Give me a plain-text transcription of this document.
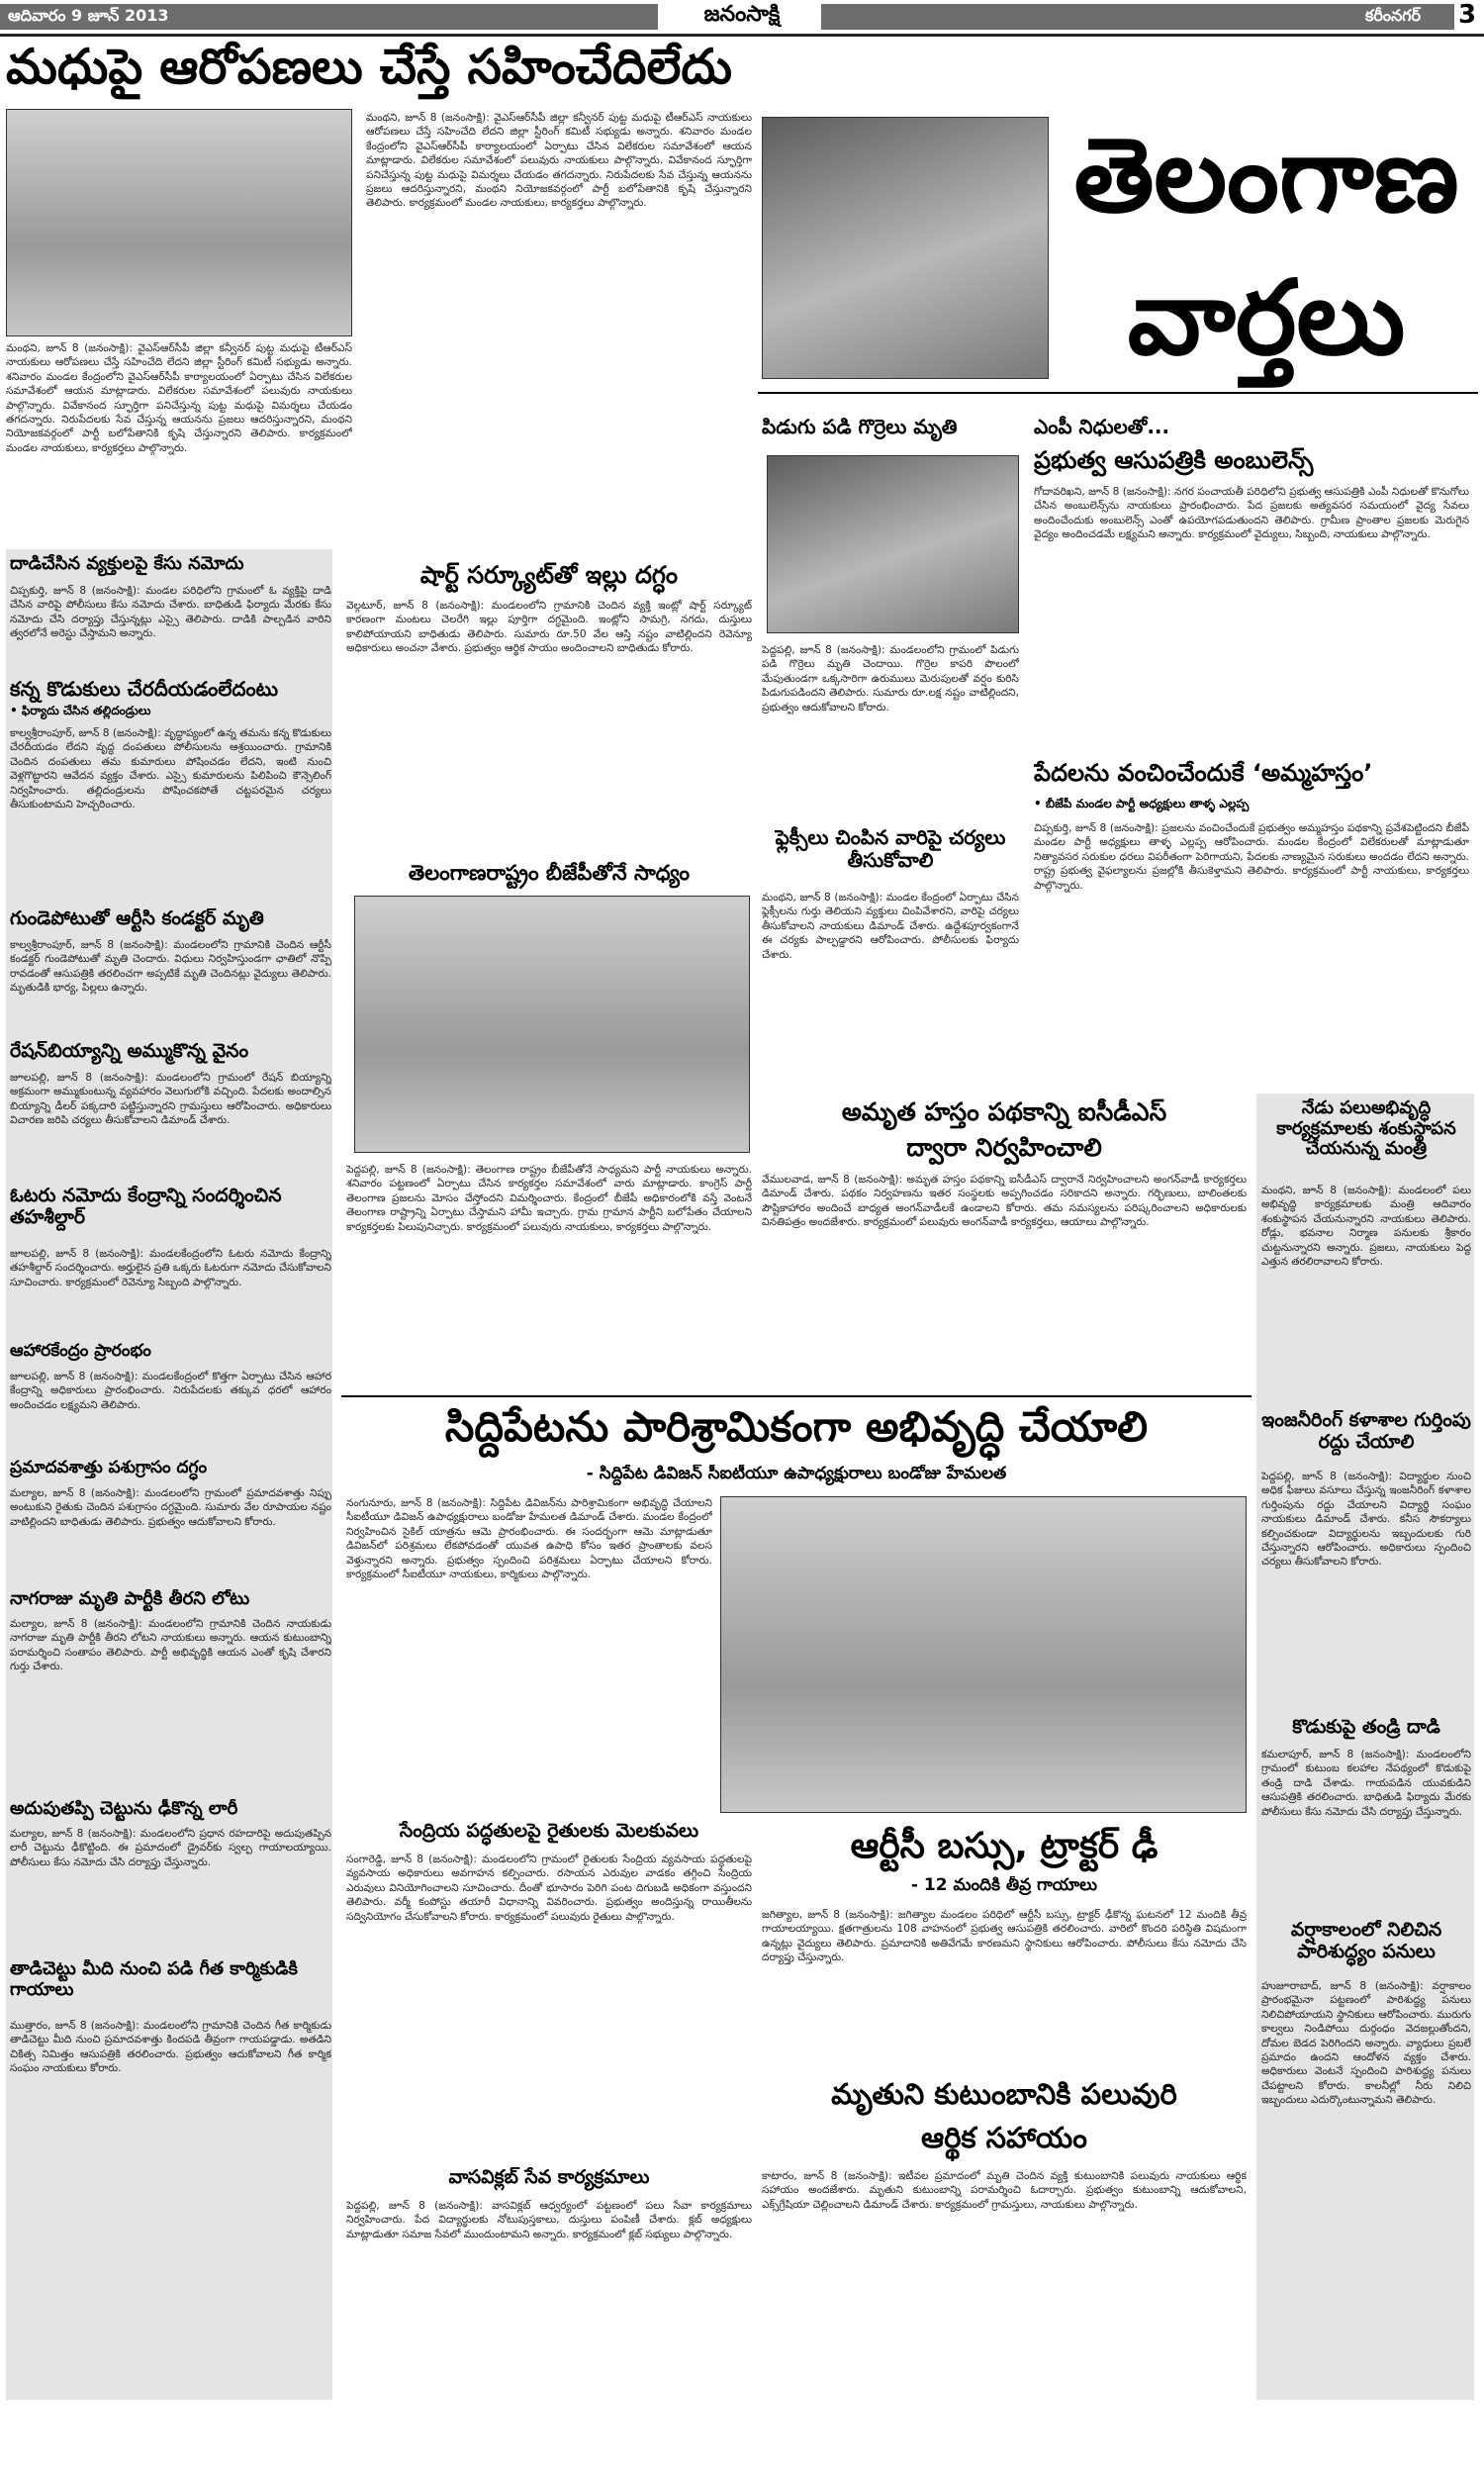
ఆదివారం 9 జూన్ 2013	జనంసాక్షి	కరీంనగర్ 3
మధుపై ఆరోపణలు చేస్తే సహించేదిలేదు
మంథని, జూన్ 8 (జనంసాక్షి): వైఎస్ఆర్‌సీపీ జిల్లా కన్వీనర్ పుట్ట మధుపై టీఆర్ఎస్ నాయకులు ఆరోపణలు చేస్తే సహించేది లేదని జిల్లా స్టీరింగ్ కమిటీ సభ్యుడు అన్నారు. శనివారం మండల కేంద్రంలోని వైఎస్ఆర్‌సీపీ కార్యాలయంలో ఏర్పాటు చేసిన విలేకరుల సమావేశంలో ఆయన మాట్లాడారు. విలేకరుల సమావేశంలో పలువురు నాయకులు పాల్గొన్నారు. వివేకానంద స్ఫూర్తిగా పనిచేస్తున్న పుట్ట మధుపై విమర్శలు చేయడం తగదన్నారు. నిరుపేదలకు సేవ చేస్తున్న ఆయనను ప్రజలు ఆదరిస్తున్నారని, మంథని నియోజకవర్గంలో పార్టీ బలోపేతానికి కృషి చేస్తున్నారని తెలిపారు. కార్యక్రమంలో మండల నాయకులు, కార్యకర్తలు పాల్గొన్నారు.
మంథని, జూన్ 8 (జనంసాక్షి): వైఎస్ఆర్‌సీపీ జిల్లా కన్వీనర్ పుట్ట మధుపై టీఆర్ఎస్ నాయకులు ఆరోపణలు చేస్తే సహించేది లేదని జిల్లా స్టీరింగ్ కమిటీ సభ్యుడు అన్నారు. శనివారం మండల కేంద్రంలోని వైఎస్ఆర్‌సీపీ కార్యాలయంలో ఏర్పాటు చేసిన విలేకరుల సమావేశంలో ఆయన మాట్లాడారు. విలేకరుల సమావేశంలో పలువురు నాయకులు పాల్గొన్నారు. వివేకానంద స్ఫూర్తిగా పనిచేస్తున్న పుట్ట మధుపై విమర్శలు చేయడం తగదన్నారు. నిరుపేదలకు సేవ చేస్తున్న ఆయనను ప్రజలు ఆదరిస్తున్నారని, మంథని నియోజకవర్గంలో పార్టీ బలోపేతానికి కృషి చేస్తున్నారని తెలిపారు. కార్యక్రమంలో మండల నాయకులు, కార్యకర్తలు పాల్గొన్నారు.
తెలంగాణ
వార్తలు
దాడిచేసిన వ్యక్తులపై కేసు నమోదు
చిప్పకుర్తి, జూన్ 8 (జనంసాక్షి): మండల పరిధిలోని గ్రామంలో ఓ వ్యక్తిపై దాడి చేసిన వారిపై పోలీసులు కేసు నమోదు చేశారు. బాధితుడి ఫిర్యాదు మేరకు కేసు నమోదు చేసి దర్యాప్తు చేస్తున్నట్లు ఎస్సై తెలిపారు. దాడికి పాల్పడిన వారిని త్వరలోనే అరెస్టు చేస్తామని అన్నారు.
కన్న కొడుకులు చేరదీయడంలేదంటు
• ఫిర్యాదు చేసిన తల్లిదండ్రులు
కాల్వశ్రీరాంపూర్, జూన్ 8 (జనంసాక్షి): వృద్ధాప్యంలో ఉన్న తమను కన్న కొడుకులు చేరదీయడం లేదని వృద్ధ దంపతులు పోలీసులను ఆశ్రయించారు. గ్రామానికి చెందిన దంపతులు తమ కుమారులు పోషించడం లేదని, ఇంటి నుంచి వెళ్లగొట్టారని ఆవేదన వ్యక్తం చేశారు. ఎస్సై కుమారులను పిలిపించి కౌన్సెలింగ్ నిర్వహించారు. తల్లిదండ్రులను పోషించకపోతే చట్టపరమైన చర్యలు తీసుకుంటామని హెచ్చరించారు.
గుండెపోటుతో ఆర్టీసి కండక్టర్ మృతి
కాల్వశ్రీరాంపూర్, జూన్ 8 (జనంసాక్షి): మండలంలోని గ్రామానికి చెందిన ఆర్టీసీ కండక్టర్ గుండెపోటుతో మృతి చెందారు. విధులు నిర్వహిస్తుండగా ఛాతిలో నొప్పి రావడంతో ఆసుపత్రికి తరలించగా అప్పటికే మృతి చెందినట్లు వైద్యులు తెలిపారు. మృతుడికి భార్య, పిల్లలు ఉన్నారు.
రేషన్‌బియ్యాన్ని అమ్ముకొన్న వైనం
జూలపల్లి, జూన్ 8 (జనంసాక్షి): మండలంలోని గ్రామంలో రేషన్ బియ్యాన్ని అక్రమంగా అమ్ముకుంటున్న వ్యవహారం వెలుగులోకి వచ్చింది. పేదలకు అందాల్సిన బియ్యాన్ని డీలర్ పక్కదారి పట్టిస్తున్నారని గ్రామస్తులు ఆరోపించారు. అధికారులు విచారణ జరిపి చర్యలు తీసుకోవాలని డిమాండ్ చేశారు.
ఓటరు నమోదు కేంద్రాన్ని సందర్శించిన తహశీల్దార్
జూలపల్లి, జూన్ 8 (జనంసాక్షి): మండలకేంద్రంలోని ఓటరు నమోదు కేంద్రాన్ని తహశీల్దార్ సందర్శించారు. అర్హులైన ప్రతి ఒక్కరు ఓటరుగా నమోదు చేసుకోవాలని సూచించారు. కార్యక్రమంలో రెవెన్యూ సిబ్బంది పాల్గొన్నారు.
ఆహారకేంద్రం ప్రారంభం
జూలపల్లి, జూన్ 8 (జనంసాక్షి): మండలకేంద్రంలో కొత్తగా ఏర్పాటు చేసిన ఆహార కేంద్రాన్ని అధికారులు ప్రారంభించారు. నిరుపేదలకు తక్కువ ధరలో ఆహారం అందించడం లక్ష్యమని తెలిపారు.
ప్రమాదవశాత్తు పశుగ్రాసం దగ్ధం
మల్యాల, జూన్ 8 (జనంసాక్షి): మండలంలోని గ్రామంలో ప్రమాదవశాత్తు నిప్పు అంటుకుని రైతుకు చెందిన పశుగ్రాసం దగ్ధమైంది. సుమారు వేల రూపాయల నష్టం వాటిల్లిందని బాధితుడు తెలిపారు. ప్రభుత్వం ఆదుకోవాలని కోరారు.
నాగరాజు మృతి పార్టీకి తీరని లోటు
మల్యాల, జూన్ 8 (జనంసాక్షి): మండలంలోని గ్రామానికి చెందిన నాయకుడు నాగరాజు మృతి పార్టీకి తీరని లోటని నాయకులు అన్నారు. ఆయన కుటుంబాన్ని పరామర్శించి సంతాపం తెలిపారు. పార్టీ అభివృద్ధికి ఆయన ఎంతో కృషి చేశారని గుర్తు చేశారు.
అదుపుతప్పి చెట్టును ఢీకొన్న లారీ
మల్యాల, జూన్ 8 (జనంసాక్షి): మండలంలోని ప్రధాన రహదారిపై అదుపుతప్పిన లారీ చెట్టును ఢీకొట్టింది. ఈ ప్రమాదంలో డ్రైవర్‌కు స్వల్ప గాయాలయ్యాయి. పోలీసులు కేసు నమోదు చేసి దర్యాప్తు చేస్తున్నారు.
తాడిచెట్టు మీది నుంచి పడి గీత కార్మికుడికి గాయాలు
ముత్తారం, జూన్ 8 (జనంసాక్షి): మండలంలోని గ్రామానికి చెందిన గీత కార్మికుడు తాడిచెట్టు మీది నుంచి ప్రమాదవశాత్తు కిందపడి తీవ్రంగా గాయపడ్డాడు. అతడిని చికిత్స నిమిత్తం ఆసుపత్రికి తరలించారు. ప్రభుత్వం ఆదుకోవాలని గీత కార్మిక సంఘం నాయకులు కోరారు.
షార్ట్ సర్క్యూట్‌తో ఇల్లు దగ్ధం
వెల్గటూర్, జూన్ 8 (జనంసాక్షి): మండలంలోని గ్రామానికి చెందిన వ్యక్తి ఇంట్లో షార్ట్ సర్క్యూట్ కారణంగా మంటలు చెలరేగి ఇల్లు పూర్తిగా దగ్ధమైంది. ఇంట్లోని సామగ్రి, నగదు, దుస్తులు కాలిపోయాయని బాధితుడు తెలిపారు. సుమారు రూ.50 వేల ఆస్తి నష్టం వాటిల్లిందని రెవెన్యూ అధికారులు అంచనా వేశారు. ప్రభుత్వం ఆర్థిక సాయం అందించాలని బాధితుడు కోరారు.
తెలంగాణరాష్ట్రం బీజేపీతోనే సాధ్యం
పెద్దపల్లి, జూన్ 8 (జనంసాక్షి): తెలంగాణ రాష్ట్రం బీజేపీతోనే సాధ్యమని పార్టీ నాయకులు అన్నారు. శనివారం పట్టణంలో ఏర్పాటు చేసిన కార్యకర్తల సమావేశంలో వారు మాట్లాడారు. కాంగ్రెస్ పార్టీ తెలంగాణ ప్రజలను మోసం చేస్తోందని విమర్శించారు. కేంద్రంలో బీజేపీ అధికారంలోకి వస్తే వెంటనే తెలంగాణ రాష్ట్రాన్ని ఏర్పాటు చేస్తామని హామీ ఇచ్చారు. గ్రామ గ్రామాన పార్టీని బలోపేతం చేయాలని కార్యకర్తలకు పిలుపునిచ్చారు. కార్యక్రమంలో పలువురు నాయకులు, కార్యకర్తలు పాల్గొన్నారు.
పిడుగు పడి గొర్రెలు మృతి
పెద్దపల్లి, జూన్ 8 (జనంసాక్షి): మండలంలోని గ్రామంలో పిడుగు పడి గొర్రెలు మృతి చెందాయి. గొర్రెల కాపరి పొలంలో మేపుతుండగా ఒక్కసారిగా ఉరుములు మెరుపులతో వర్షం కురిసి పిడుగుపడిందని తెలిపారు. సుమారు రూ.లక్ష నష్టం వాటిల్లిందని, ప్రభుత్వం ఆదుకోవాలని కోరారు.
ఫ్లెక్సీలు చింపిన వారిపై చర్యలు తీసుకోవాలి
మంథని, జూన్ 8 (జనంసాక్షి): మండల కేంద్రంలో ఏర్పాటు చేసిన ఫ్లెక్సీలను గుర్తు తెలియని వ్యక్తులు చింపివేశారని, వారిపై చర్యలు తీసుకోవాలని నాయకులు డిమాండ్ చేశారు. ఉద్దేశపూర్వకంగానే ఈ చర్యకు పాల్పడ్డారని ఆరోపించారు. పోలీసులకు ఫిర్యాదు చేశారు.
ఎంపీ నిధులతో...
ప్రభుత్వ ఆసుపత్రికి అంబులెన్స్
గోదావరిఖని, జూన్ 8 (జనంసాక్షి): నగర పంచాయతీ పరిధిలోని ప్రభుత్వ ఆసుపత్రికి ఎంపీ నిధులతో కొనుగోలు చేసిన అంబులెన్స్‌ను నాయకులు ప్రారంభించారు. పేద ప్రజలకు అత్యవసర సమయంలో వైద్య సేవలు అందించేందుకు అంబులెన్స్ ఎంతో ఉపయోగపడుతుందని తెలిపారు. గ్రామీణ ప్రాంతాల ప్రజలకు మెరుగైన వైద్యం అందించడమే లక్ష్యమని అన్నారు. కార్యక్రమంలో వైద్యులు, సిబ్బంది, నాయకులు పాల్గొన్నారు.
పేదలను వంచించేందుకే ‘అమ్మహస్తం’
• బీజేపీ మండల పార్టీ అధ్యక్షులు తాళ్ళ ఎల్లప్ప
చిప్పకుర్తి, జూన్ 8 (జనంసాక్షి): ప్రజలను వంచించేందుకే ప్రభుత్వం అమ్మహస్తం పథకాన్ని ప్రవేశపెట్టిందని బీజేపీ మండల పార్టీ అధ్యక్షులు తాళ్ళ ఎల్లప్ప ఆరోపించారు. మండల కేంద్రంలో విలేకరులతో మాట్లాడుతూ నిత్యావసర సరుకుల ధరలు విపరీతంగా పెరిగాయని, పేదలకు నాణ్యమైన సరుకులు అందడం లేదని అన్నారు. రాష్ట్ర ప్రభుత్వ వైఫల్యాలను ప్రజల్లోకి తీసుకెళ్తామని తెలిపారు. కార్యక్రమంలో పార్టీ నాయకులు, కార్యకర్తలు పాల్గొన్నారు.
అమృత హస్తం పథకాన్ని ఐసీడీఎస్
ద్వారా నిర్వహించాలి
వేములవాడ, జూన్ 8 (జనంసాక్షి): అమృత హస్తం పథకాన్ని ఐసీడీఎస్ ద్వారానే నిర్వహించాలని అంగన్‌వాడీ కార్యకర్తలు డిమాండ్ చేశారు. పథకం నిర్వహణను ఇతర సంస్థలకు అప్పగించడం సరికాదని అన్నారు. గర్భిణులు, బాలింతలకు పౌష్టికాహారం అందించే బాధ్యత అంగన్‌వాడీలకే ఉండాలని కోరారు. తమ సమస్యలను పరిష్కరించాలని అధికారులకు వినతిపత్రం అందజేశారు. కార్యక్రమంలో పలువురు అంగన్‌వాడీ కార్యకర్తలు, ఆయాలు పాల్గొన్నారు.
నేడు పలుఅభివృద్ధి కార్యక్రమాలకు శంకుస్థాపన చేయనున్న మంత్రి
మంథని, జూన్ 8 (జనంసాక్షి): మండలంలో పలు అభివృద్ధి కార్యక్రమాలకు మంత్రి ఆదివారం శంకుస్థాపన చేయనున్నారని నాయకులు తెలిపారు. రోడ్లు, భవనాల నిర్మాణ పనులకు శ్రీకారం చుట్టనున్నారని అన్నారు. ప్రజలు, నాయకులు పెద్ద ఎత్తున తరలిరావాలని కోరారు.
ఇంజనీరింగ్ కళాశాల గుర్తింపు రద్దు చేయాలి
పెద్దపల్లి, జూన్ 8 (జనంసాక్షి): విద్యార్థుల నుంచి అధిక ఫీజులు వసూలు చేస్తున్న ఇంజనీరింగ్ కళాశాల గుర్తింపును రద్దు చేయాలని విద్యార్థి సంఘం నాయకులు డిమాండ్ చేశారు. కనీస సౌకర్యాలు కల్పించకుండా విద్యార్థులను ఇబ్బందులకు గురి చేస్తున్నారని ఆరోపించారు. అధికారులు స్పందించి చర్యలు తీసుకోవాలని కోరారు.
కొడుకుపై తండ్రి దాడి
కమలాపూర్, జూన్ 8 (జనంసాక్షి): మండలంలోని గ్రామంలో కుటుంబ కలహాల నేపథ్యంలో కొడుకుపై తండ్రి దాడి చేశాడు. గాయపడిన యువకుడిని ఆసుపత్రికి తరలించారు. బాధితుడి ఫిర్యాదు మేరకు పోలీసులు కేసు నమోదు చేసి దర్యాప్తు చేస్తున్నారు.
వర్షాకాలంలో నిలిచిన పారిశుద్ధ్యం పనులు
హుజూరాబాద్, జూన్ 8 (జనంసాక్షి): వర్షాకాలం ప్రారంభమైనా పట్టణంలో పారిశుద్ధ్య పనులు నిలిచిపోయాయని స్థానికులు ఆరోపించారు. మురుగు కాల్వలు నిండిపోయి దుర్గంధం వెదజల్లుతోందని, దోమల బెడద పెరిగిందని అన్నారు. వ్యాధులు ప్రబలే ప్రమాదం ఉందని ఆందోళన వ్యక్తం చేశారు. అధికారులు వెంటనే స్పందించి పారిశుద్ధ్య పనులు చేపట్టాలని కోరారు. కాలనీల్లో నీరు నిలిచి ఇబ్బందులు ఎదుర్కొంటున్నామని తెలిపారు.
సిద్దిపేటను పారిశ్రామికంగా అభివృద్ధి చేయాలి
- సిద్దిపేట డివిజన్ సీఐటీయూ ఉపాధ్యక్షురాలు బండోజు హేమలత
నంగునూరు, జూన్ 8 (జనంసాక్షి): సిద్దిపేట డివిజన్‌ను పారిశ్రామికంగా అభివృద్ధి చేయాలని సీఐటీయూ డివిజన్ ఉపాధ్యక్షురాలు బండోజు హేమలత డిమాండ్ చేశారు. మండల కేంద్రంలో నిర్వహించిన సైకిల్ యాత్రను ఆమె ప్రారంభించారు. ఈ సందర్భంగా ఆమె మాట్లాడుతూ డివిజన్‌లో పరిశ్రమలు లేకపోవడంతో యువత ఉపాధి కోసం ఇతర ప్రాంతాలకు వలస వెళ్తున్నారని అన్నారు. ప్రభుత్వం స్పందించి పరిశ్రమలు ఏర్పాటు చేయాలని కోరారు. కార్యక్రమంలో సీఐటీయూ నాయకులు, కార్మికులు పాల్గొన్నారు.
సేంద్రియ పద్ధతులపై రైతులకు మెలకువలు
సంగారెడ్డి, జూన్ 8 (జనంసాక్షి): మండలంలోని గ్రామంలో రైతులకు సేంద్రియ వ్యవసాయ పద్ధతులపై వ్యవసాయ అధికారులు అవగాహన కల్పించారు. రసాయన ఎరువుల వాడకం తగ్గించి సేంద్రియ ఎరువులు వినియోగించాలని సూచించారు. దీంతో భూసారం పెరిగి పంట దిగుబడి అధికంగా వస్తుందని తెలిపారు. వర్మీ కంపోస్టు తయారీ విధానాన్ని వివరించారు. ప్రభుత్వం అందిస్తున్న రాయితీలను సద్వినియోగం చేసుకోవాలని కోరారు. కార్యక్రమంలో పలువురు రైతులు పాల్గొన్నారు.
వాసవిక్లబ్ సేవ కార్యక్రమాలు
పెద్దపల్లి, జూన్ 8 (జనంసాక్షి): వాసవిక్లబ్ ఆధ్వర్యంలో పట్టణంలో పలు సేవా కార్యక్రమాలు నిర్వహించారు. పేద విద్యార్థులకు నోటుపుస్తకాలు, దుస్తులు పంపిణీ చేశారు. క్లబ్ అధ్యక్షులు మాట్లాడుతూ సమాజ సేవలో ముందుంటామని అన్నారు. కార్యక్రమంలో క్లబ్ సభ్యులు పాల్గొన్నారు.
ఆర్టీసీ బస్సు, ట్రాక్టర్ ఢీ
- 12 మందికి తీవ్ర గాయాలు
జగిత్యాల, జూన్ 8 (జనంసాక్షి): జగిత్యాల మండలం పరిధిలో ఆర్టీసీ బస్సు, ట్రాక్టర్ ఢీకొన్న ఘటనలో 12 మందికి తీవ్ర గాయాలయ్యాయి. క్షతగాత్రులను 108 వాహనంలో ప్రభుత్వ ఆసుపత్రికి తరలించారు. వారిలో కొందరి పరిస్థితి విషమంగా ఉన్నట్లు వైద్యులు తెలిపారు. ప్రమాదానికి అతివేగమే కారణమని స్థానికులు ఆరోపించారు. పోలీసులు కేసు నమోదు చేసి దర్యాప్తు చేస్తున్నారు.
మృతుని కుటుంబానికి పలువురి
ఆర్థిక సహాయం
కాటారం, జూన్ 8 (జనంసాక్షి): ఇటీవల ప్రమాదంలో మృతి చెందిన వ్యక్తి కుటుంబానికి పలువురు నాయకులు ఆర్థిక సహాయం అందజేశారు. మృతుని కుటుంబాన్ని పరామర్శించి ఓదార్చారు. ప్రభుత్వం కుటుంబాన్ని ఆదుకోవాలని, ఎక్స్‌గ్రేషియా చెల్లించాలని డిమాండ్ చేశారు. కార్యక్రమంలో గ్రామస్తులు, నాయకులు పాల్గొన్నారు.
